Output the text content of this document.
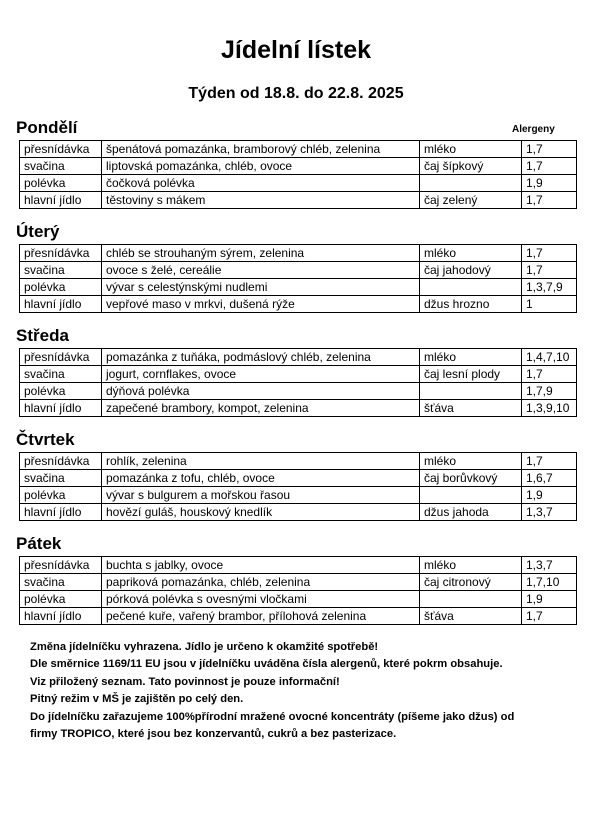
Jídelní lístek
Týden od 18.8. do 22.8. 2025
Alergeny
Pondělí
přesnídávka	špenátová pomazánka, bramborový chléb, zelenina	mléko	1,7
svačina	liptovská pomazánka, chléb, ovoce	čaj šípkový	1,7
polévka	čočková polévka		1,9
hlavní jídlo	těstoviny s mákem	čaj zelený	1,7
Úterý
přesnídávka	chléb se strouhaným sýrem, zelenina	mléko	1,7
svačina	ovoce s želé, cereálie	čaj jahodový	1,7
polévka	vývar s celestýnskými nudlemi		1,3,7,9
hlavní jídlo	vepřové maso v mrkvi, dušená rýže	džus hrozno	1
Středa
přesnídávka	pomazánka z tuňáka, podmáslový chléb, zelenina	mléko	1,4,7,10
svačina	jogurt, cornflakes, ovoce	čaj lesní plody	1,7
polévka	dýňová polévka		1,7,9
hlavní jídlo	zapečené brambory, kompot, zelenina	šťáva	1,3,9,10
Čtvrtek
přesnídávka	rohlík, zelenina	mléko	1,7
svačina	pomazánka z tofu, chléb, ovoce	čaj borůvkový	1,6,7
polévka	vývar s bulgurem a mořskou řasou		1,9
hlavní jídlo	hovězí guláš, houskový knedlík	džus jahoda	1,3,7
Pátek
přesnídávka	buchta s jablky, ovoce	mléko	1,3,7
svačina	papriková pomazánka, chléb, zelenina	čaj citronový	1,7,10
polévka	pórková polévka s ovesnými vločkami		1,9
hlavní jídlo	pečené kuře, vařený brambor, přílohová zelenina	šťáva	1,7
Změna jídelníčku vyhrazena. Jídlo je určeno k okamžité spotřebě!
Dle směrnice 1169/11 EU jsou v jídelníčku uváděna čísla alergenů, které pokrm obsahuje.
Viz přiložený seznam. Tato povinnost je pouze informační!
Pitný režim v MŠ je zajištěn po celý den.
Do jídelníčku zařazujeme 100%přírodní mražené ovocné koncentráty (píšeme jako džus) od
firmy TROPICO, které jsou bez konzervantů, cukrů a bez pasterizace.
